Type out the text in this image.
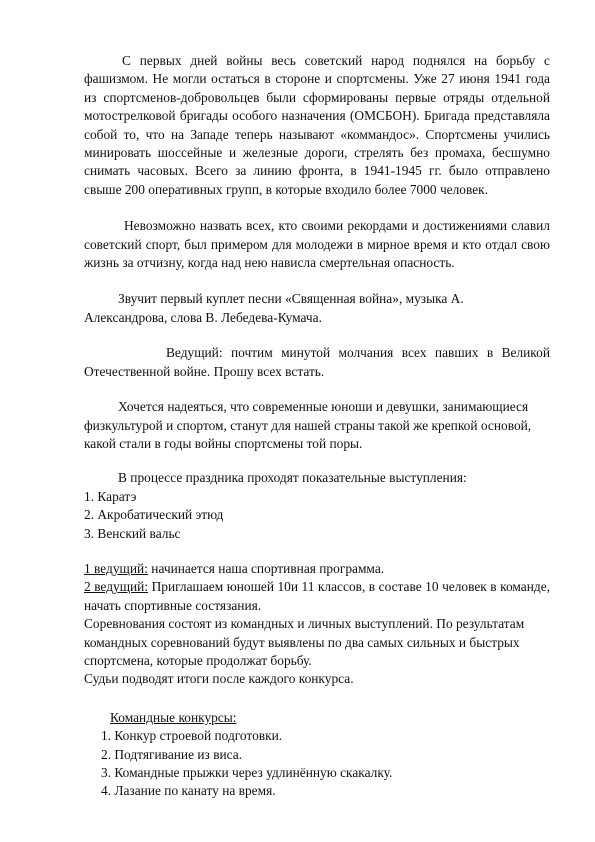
С первых дней войны весь советский народ поднялся на борьбу с фашизмом. Не могли остаться в стороне и спортсмены. Уже 27 июня 1941 года из спортсменов-добровольцев были сформированы первые отряды отдельной мотострелковой бригады особого назначения (ОМСБОН). Бригада представляла собой то, что на Западе теперь называют «коммандос». Спортсмены учились минировать шоссейные и железные дороги, стрелять без промаха, бесшумно снимать часовых. Всего за линию фронта, в 1941-1945 гг. было отправлено свыше 200 оперативных групп, в которые входило более 7000 человек.

Невозможно назвать всех, кто своими рекордами и достижениями славил советский спорт, был примером для молодежи в мирное время и кто отдал свою жизнь за отчизну, когда над нею нависла смертельная опасность.

Звучит первый куплет песни «Священная война», музыка А. Александрова, слова В. Лебедева-Кумача.

Ведущий: почтим минутой молчания всех павших в Великой Отечественной войне. Прошу всех встать.

Хочется надеяться, что современные юноши и девушки, занимающиеся физкультурой и спортом, станут для нашей страны такой же крепкой основой, какой стали в годы войны спортсмены той поры.

В процессе праздника проходят показательные выступления:

1. Каратэ
2. Акробатический этюд
3. Венский вальс

1 ведущий: начинается наша спортивная программа.

2 ведущий: Приглашаем юношей 10и 11 классов, в составе 10 человек в команде, начать спортивные состязания.

Соревнования состоят из командных и личных выступлений. По результатам командных соревнований будут выявлены по два самых сильных и быстрых спортсмена, которые продолжат борьбу.

Судьи подводят итоги после каждого конкурса.

Командные конкурсы:

1. Конкур строевой подготовки.
2. Подтягивание из виса.
3. Командные прыжки через удлинённую скакалку.
4. Лазание по канату на время.
